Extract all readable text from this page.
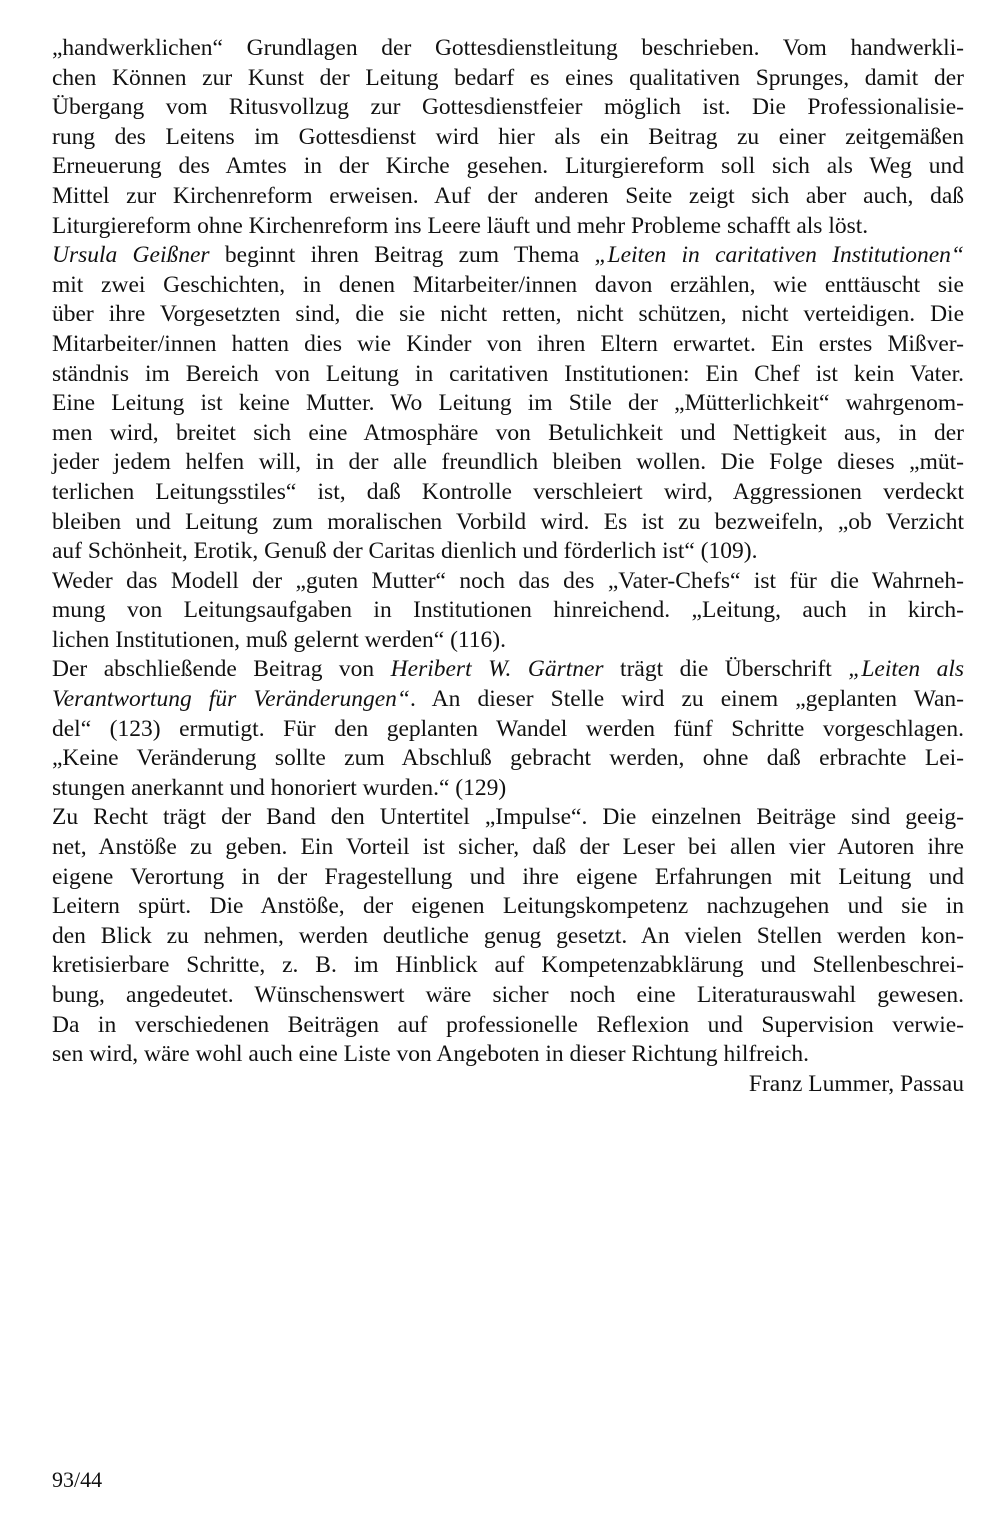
„handwerklichen“ Grundlagen der Gottesdienstleitung beschrieben. Vom handwerkli-
chen Können zur Kunst der Leitung bedarf es eines qualitativen Sprunges, damit der
Übergang vom Ritusvollzug zur Gottesdienstfeier möglich ist. Die Professionalisie-
rung des Leitens im Gottesdienst wird hier als ein Beitrag zu einer zeitgemäßen
Erneuerung des Amtes in der Kirche gesehen. Liturgiereform soll sich als Weg und
Mittel zur Kirchenreform erweisen. Auf der anderen Seite zeigt sich aber auch, daß
Liturgiereform ohne Kirchenreform ins Leere läuft und mehr Probleme schafft als löst.
Ursula Geißner beginnt ihren Beitrag zum Thema „Leiten in caritativen Institutionen“
mit zwei Geschichten, in denen Mitarbeiter/innen davon erzählen, wie enttäuscht sie
über ihre Vorgesetzten sind, die sie nicht retten, nicht schützen, nicht verteidigen. Die
Mitarbeiter/innen hatten dies wie Kinder von ihren Eltern erwartet. Ein erstes Mißver-
ständnis im Bereich von Leitung in caritativen Institutionen: Ein Chef ist kein Vater.
Eine Leitung ist keine Mutter. Wo Leitung im Stile der „Mütterlichkeit“ wahrgenom-
men wird, breitet sich eine Atmosphäre von Betulichkeit und Nettigkeit aus, in der
jeder jedem helfen will, in der alle freundlich bleiben wollen. Die Folge dieses „müt-
terlichen Leitungsstiles“ ist, daß Kontrolle verschleiert wird, Aggressionen verdeckt
bleiben und Leitung zum moralischen Vorbild wird. Es ist zu bezweifeln, „ob Verzicht
auf Schönheit, Erotik, Genuß der Caritas dienlich und förderlich ist“ (109).
Weder das Modell der „guten Mutter“ noch das des „Vater-Chefs“ ist für die Wahrneh-
mung von Leitungsaufgaben in Institutionen hinreichend. „Leitung, auch in kirch-
lichen Institutionen, muß gelernt werden“ (116).
Der abschließende Beitrag von Heribert W. Gärtner trägt die Überschrift „Leiten als
Verantwortung für Veränderungen“. An dieser Stelle wird zu einem „geplanten Wan-
del“ (123) ermutigt. Für den geplanten Wandel werden fünf Schritte vorgeschlagen.
„Keine Veränderung sollte zum Abschluß gebracht werden, ohne daß erbrachte Lei-
stungen anerkannt und honoriert wurden.“ (129)
Zu Recht trägt der Band den Untertitel „Impulse“. Die einzelnen Beiträge sind geeig-
net, Anstöße zu geben. Ein Vorteil ist sicher, daß der Leser bei allen vier Autoren ihre
eigene Verortung in der Fragestellung und ihre eigene Erfahrungen mit Leitung und
Leitern spürt. Die Anstöße, der eigenen Leitungskompetenz nachzugehen und sie in
den Blick zu nehmen, werden deutliche genug gesetzt. An vielen Stellen werden kon-
kretisierbare Schritte, z. B. im Hinblick auf Kompetenzabklärung und Stellenbeschrei-
bung, angedeutet. Wünschenswert wäre sicher noch eine Literaturauswahl gewesen.
Da in verschiedenen Beiträgen auf professionelle Reflexion und Supervision verwie-
sen wird, wäre wohl auch eine Liste von Angeboten in dieser Richtung hilfreich.
Franz Lummer, Passau
93/44
